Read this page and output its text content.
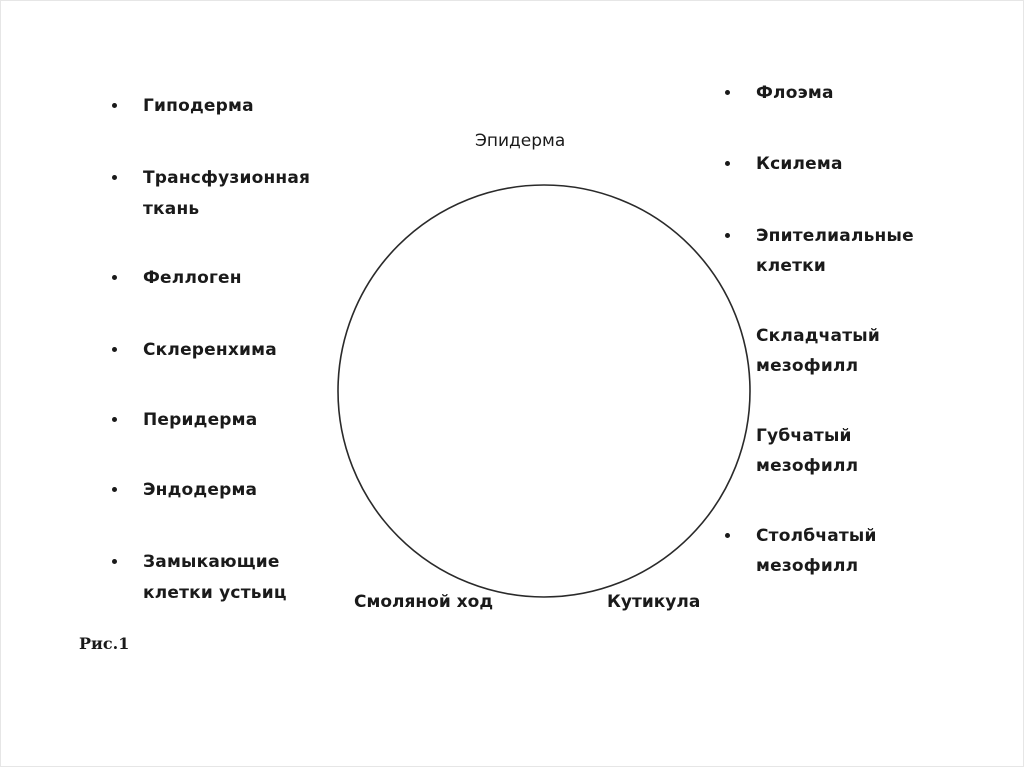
Гиподерма
Трансфузионная
ткань
Феллоген
Склеренхима
Перидерма
Эндодерма
Замыкающие
клетки устьиц
Флоэма
Ксилема
Эпителиальные
клетки
Складчатый
мезофилл
Губчатый
мезофилл
Столбчатый
мезофилл
Эпидерма
Смоляной ход	Кутикула
Рис.1
